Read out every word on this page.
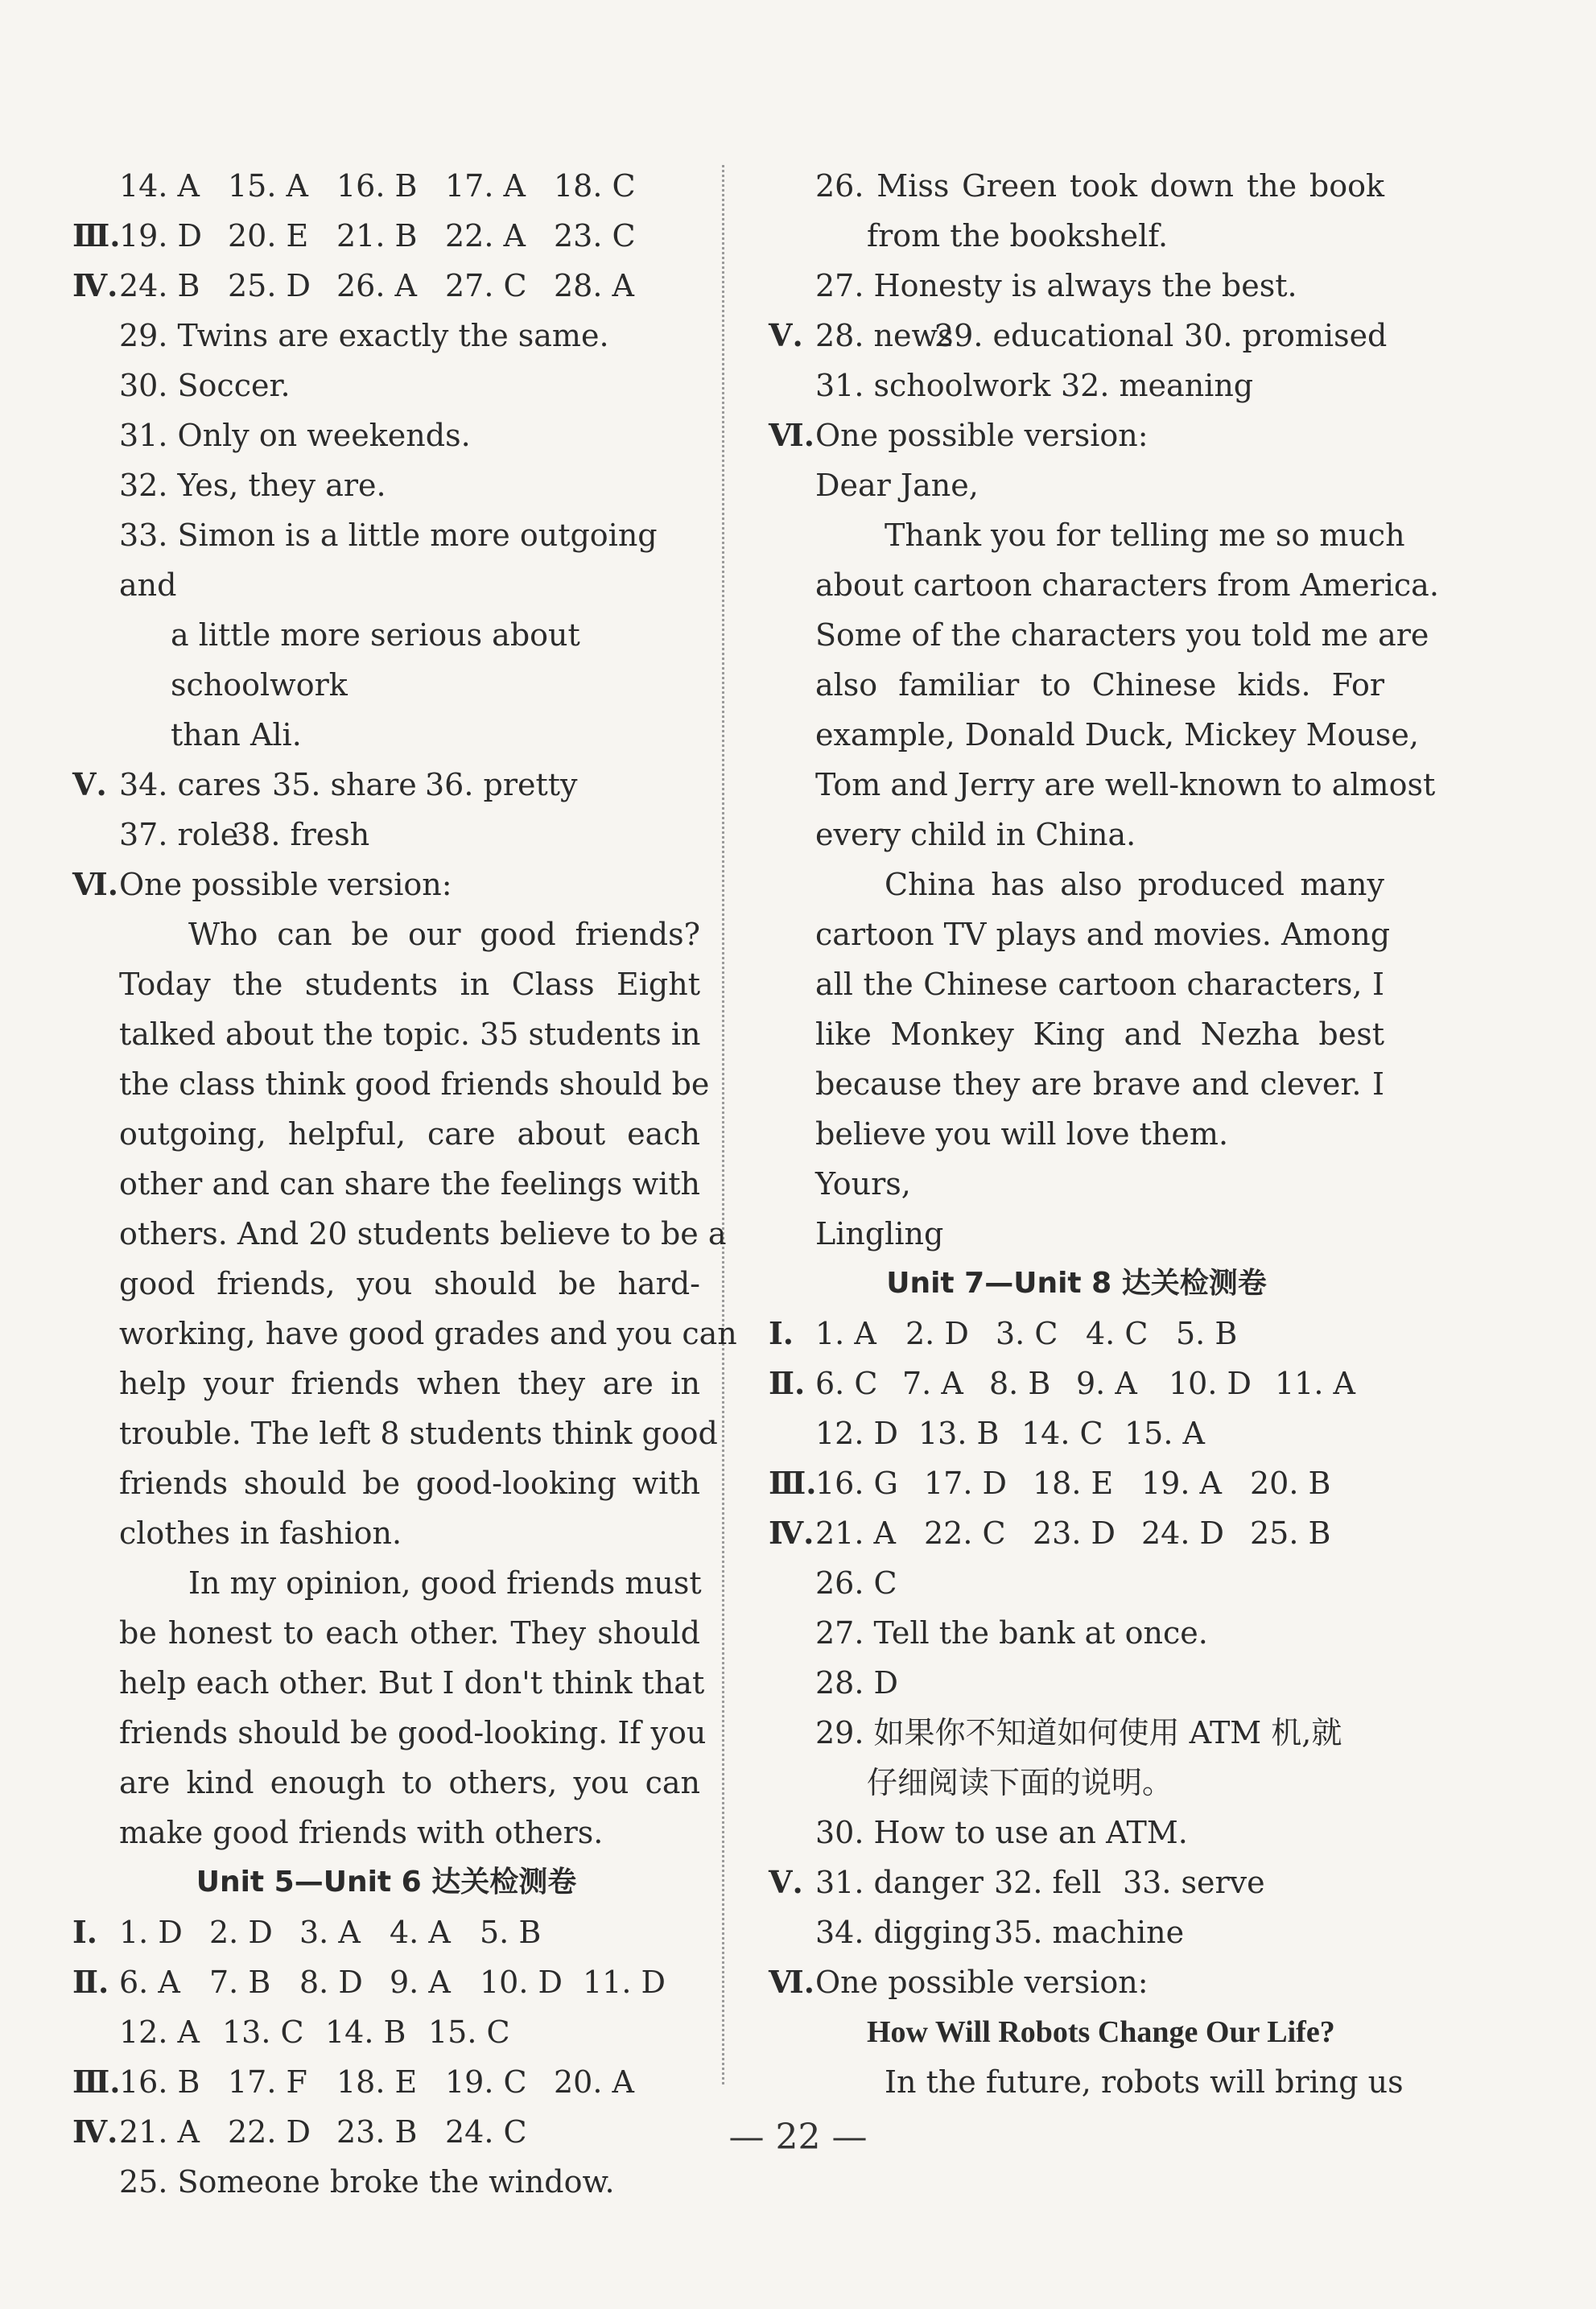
14. A 15. A 16. B 17. A 18. C
Ⅲ.
19. D 20. E 21. B 22. A 23. C
Ⅳ. 24. B 25. D 26. A 27. C 28. A
29. Twins are exactly the same.
30. Soccer.
31. Only on weekends.
32. Yes, they are.
33. Simon is a little more outgoing and
a little more serious about schoolwork
than Ali.
Ⅴ. 34. cares 35. share 36. pretty
37. role
38. fresh
Ⅵ. One possible version:
Who can be our good friends?
Today the students in Class Eight
talked about the topic. 35 students in
the class think good friends should be
outgoing, helpful, care about each
other and can share the feelings with
others. And 20 students believe to be a
good friends, you should be hard-
working, have good grades and you can
help your friends when they are in
trouble. The left 8 students think good
friends should be good-looking with
clothes in fashion.
In my opinion, good friends must
be honest to each other. They should
help each other. But I don't think that
friends should be good-looking. If you
are kind enough to others, you can
make good friends with others.
Unit 5—Unit 6 达关检测卷
Ⅰ. 1. D 2. D 3. A 4. A 5. B
Ⅱ. 6. A 7. B 8. D 9. A 10. D 11. D
12. A 13. C 14. B 15. C
Ⅲ.
16. B 17. F 18. E 19. C 20. A
Ⅳ. 21. A 22. D 23. B 24. C
25. Someone broke the window.
26. Miss Green took down the book
from the bookshelf.
27. Honesty is always the best.
Ⅴ. 28. news
29. educational 30. promised
31. schoolwork 32. meaning
Ⅵ. One possible version:
Dear Jane,
Thank you for telling me so much
about cartoon characters from America.
Some of the characters you told me are
also familiar to Chinese kids. For
example, Donald Duck, Mickey Mouse,
Tom and Jerry are well-known to almost
every child in China.
China has also produced many
cartoon TV plays and movies. Among
all the Chinese cartoon characters, I
like Monkey King and Nezha best
because they are brave and clever. I
believe you will love them.
Yours,
Lingling
Unit 7—Unit 8 达关检测卷
Ⅰ. 1. A 2. D 3. C 4. C 5. B
Ⅱ. 6. C 7. A 8. B 9. A	10. D 11. A
12. D 13. B 14. C 15. A
Ⅲ.
16. G 17. D 18. E 19. A 20. B
Ⅳ. 21. A 22. C 23. D 24. D 25. B
26. C
27. Tell the bank at once.
28. D
29. 如果你不知道如何使用 ATM 机,就
仔细阅读下面的说明。
30. How to use an ATM.
Ⅴ. 31. danger 32. fell 33. serve
34. digging 35. machine
Ⅵ. One possible version:
How Will Robots Change Our Life?
In the future, robots will bring us
— 22 —
